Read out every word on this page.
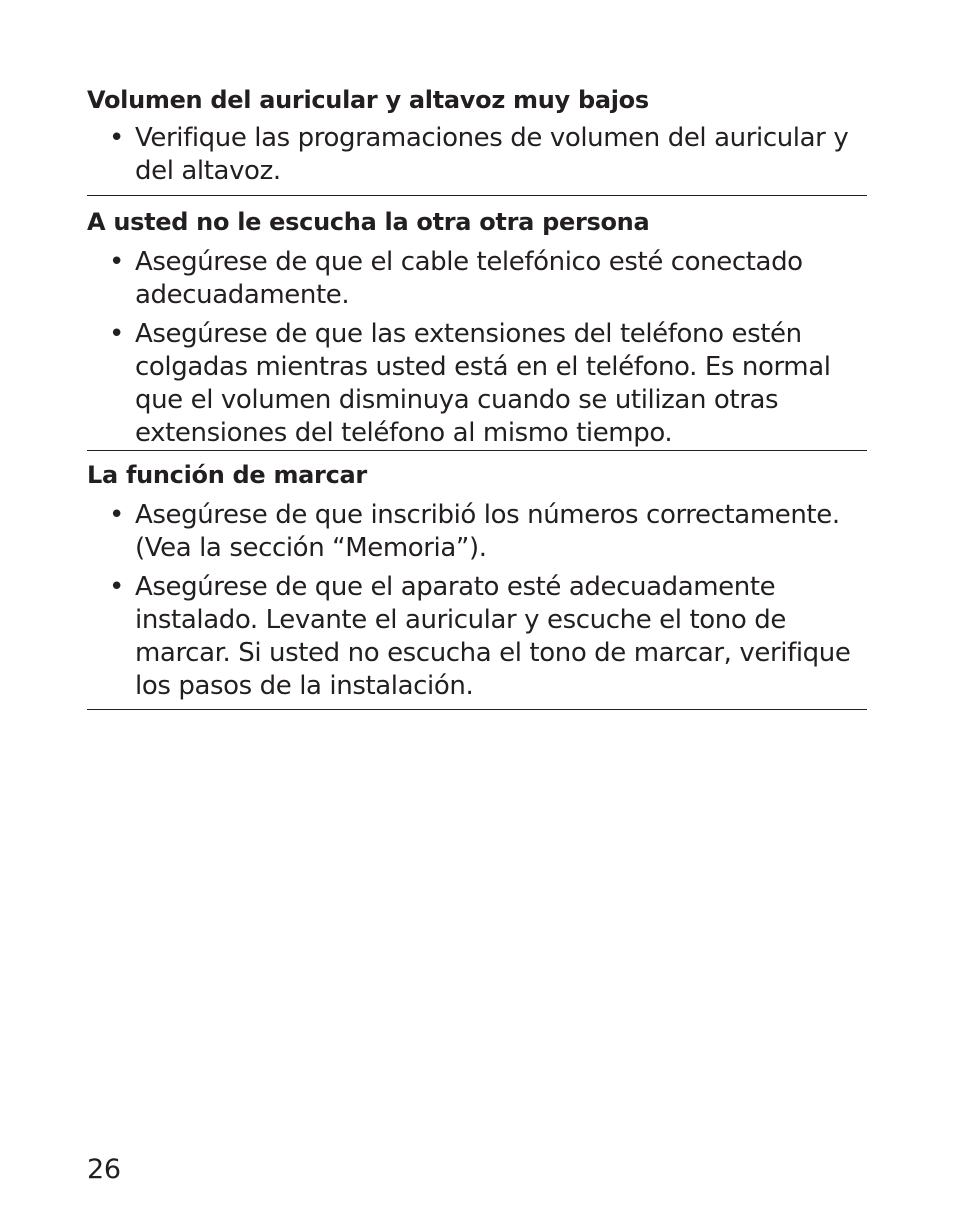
Volumen del auricular y altavoz muy bajos
• Verifique las programaciones de volumen del auricular y del altavoz.
A usted no le escucha la otra otra persona
• Asegúrese de que el cable telefónico esté conectado adecuadamente.
• Asegúrese de que las extensiones del teléfono estén colgadas mientras usted está en el teléfono. Es normal que el volumen disminuya cuando se utilizan otras extensiones del teléfono al mismo tiempo.
La función de marcar
• Asegúrese de que inscribió los números correctamente. (Vea la sección “Memoria”).
• Asegúrese de que el aparato esté adecuadamente instalado. Levante el auricular y escuche el tono de marcar. Si usted no escucha el tono de marcar, verifique los pasos de la instalación.
26
